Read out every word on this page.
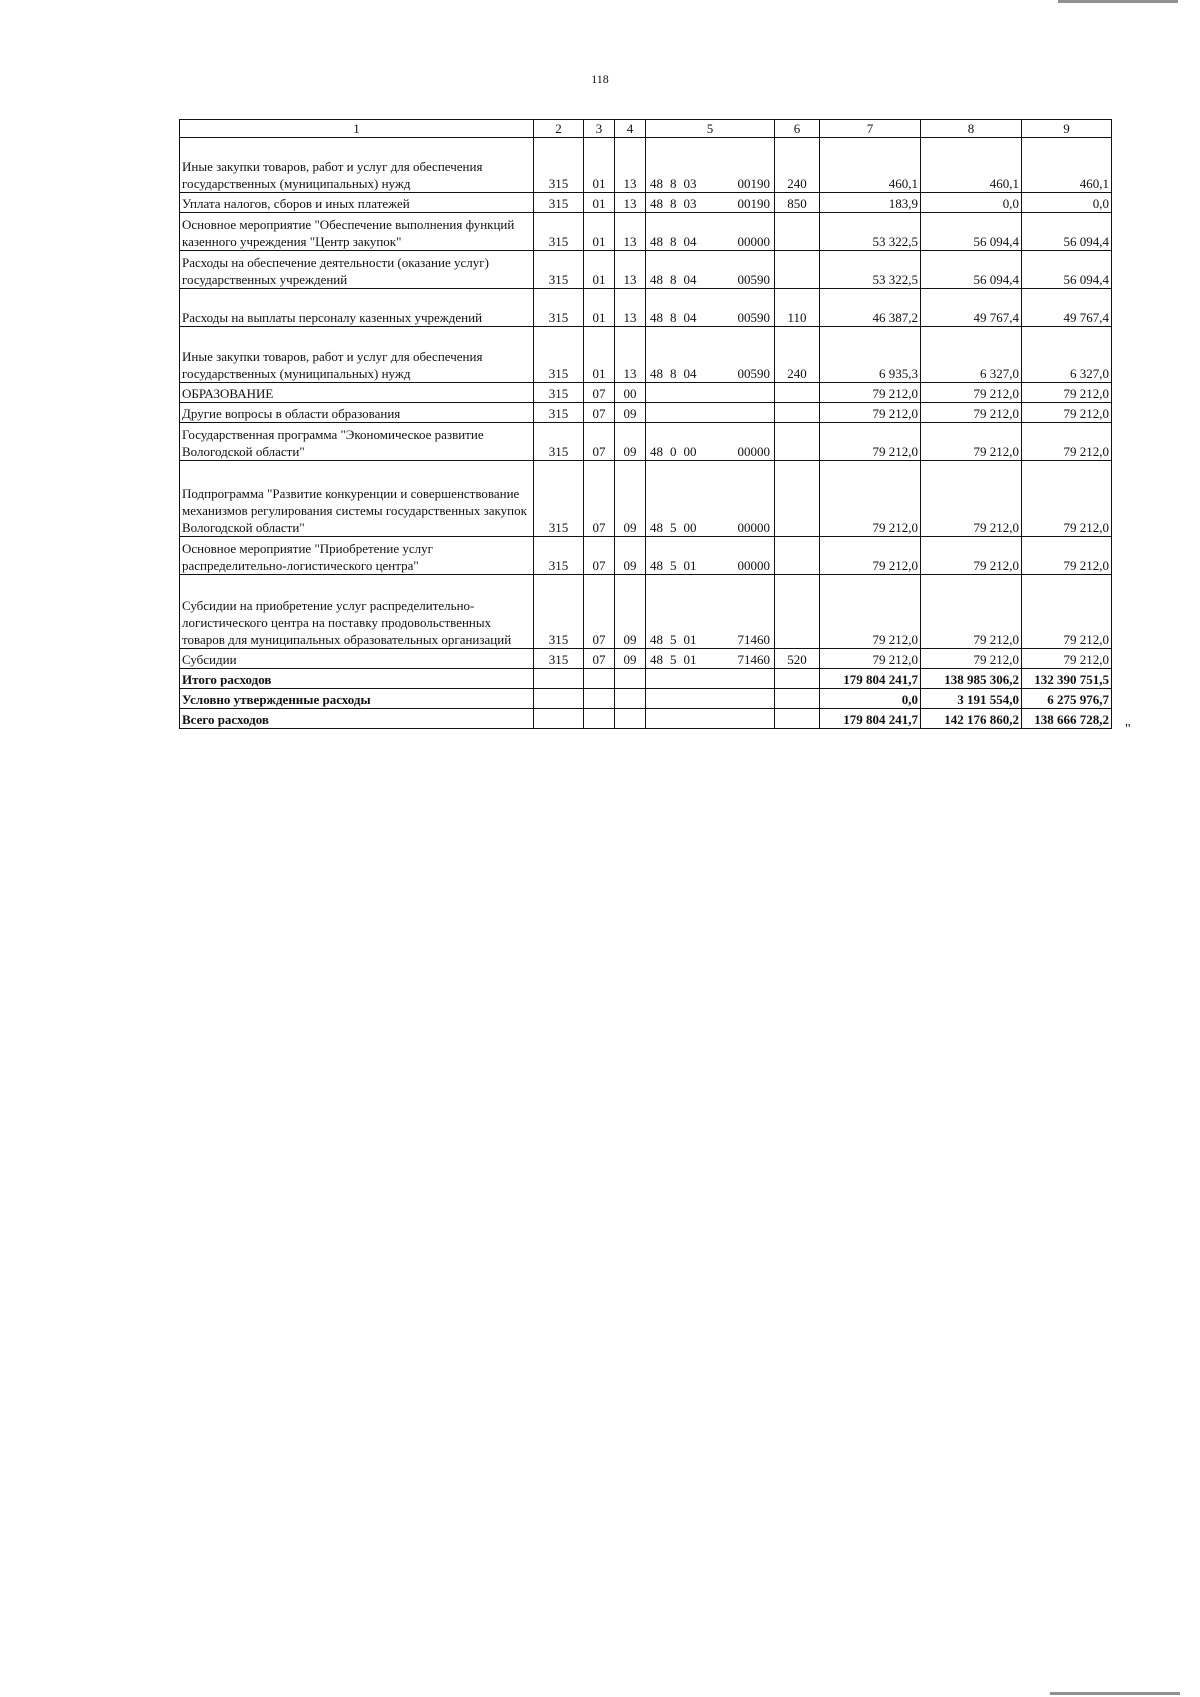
118
1	2	3	4	5	6	7	8	9
Иные закупки товаров, работ и услуг для обеспечения государственных (муниципальных) нужд	315	01	13	48 8 03 00190	240	460,1	460,1	460,1
Уплата налогов, сборов и иных платежей	315	01	13	48 8 03 00190	850	183,9	0,0	0,0
Основное мероприятие "Обеспечение выполнения функций казенного учреждения "Центр закупок"	315	01	13	48 8 04 00000		53 322,5	56 094,4	56 094,4
Расходы на обеспечение деятельности (оказание услуг) государственных учреждений	315	01	13	48 8 04 00590		53 322,5	56 094,4	56 094,4
Расходы на выплаты персоналу казенных учреждений	315	01	13	48 8 04 00590	110	46 387,2	49 767,4	49 767,4
Иные закупки товаров, работ и услуг для обеспечения государственных (муниципальных) нужд	315	01	13	48 8 04 00590	240	6 935,3	6 327,0	6 327,0
ОБРАЗОВАНИЕ	315	07	00			79 212,0	79 212,0	79 212,0
Другие вопросы в области образования	315	07	09			79 212,0	79 212,0	79 212,0
Государственная программа "Экономическое развитие Вологодской области"	315	07	09	48 0 00 00000		79 212,0	79 212,0	79 212,0
Подпрограмма "Развитие конкуренции и совершенствование механизмов регулирования системы государственных закупок Вологодской области"	315	07	09	48 5 00 00000		79 212,0	79 212,0	79 212,0
Основное мероприятие "Приобретение услуг распределительно-логистического центра"	315	07	09	48 5 01 00000		79 212,0	79 212,0	79 212,0
Субсидии на приобретение услуг распределительно-логистического центра на поставку продовольственных товаров для муниципальных образовательных организаций	315	07	09	48 5 01 71460		79 212,0	79 212,0	79 212,0
Субсидии	315	07	09	48 5 01 71460	520	79 212,0	79 212,0	79 212,0
Итого расходов						179 804 241,7	138 985 306,2	132 390 751,5
Условно утвержденные расходы						0,0	3 191 554,0	6 275 976,7
Всего расходов						179 804 241,7	142 176 860,2	138 666 728,2
"
